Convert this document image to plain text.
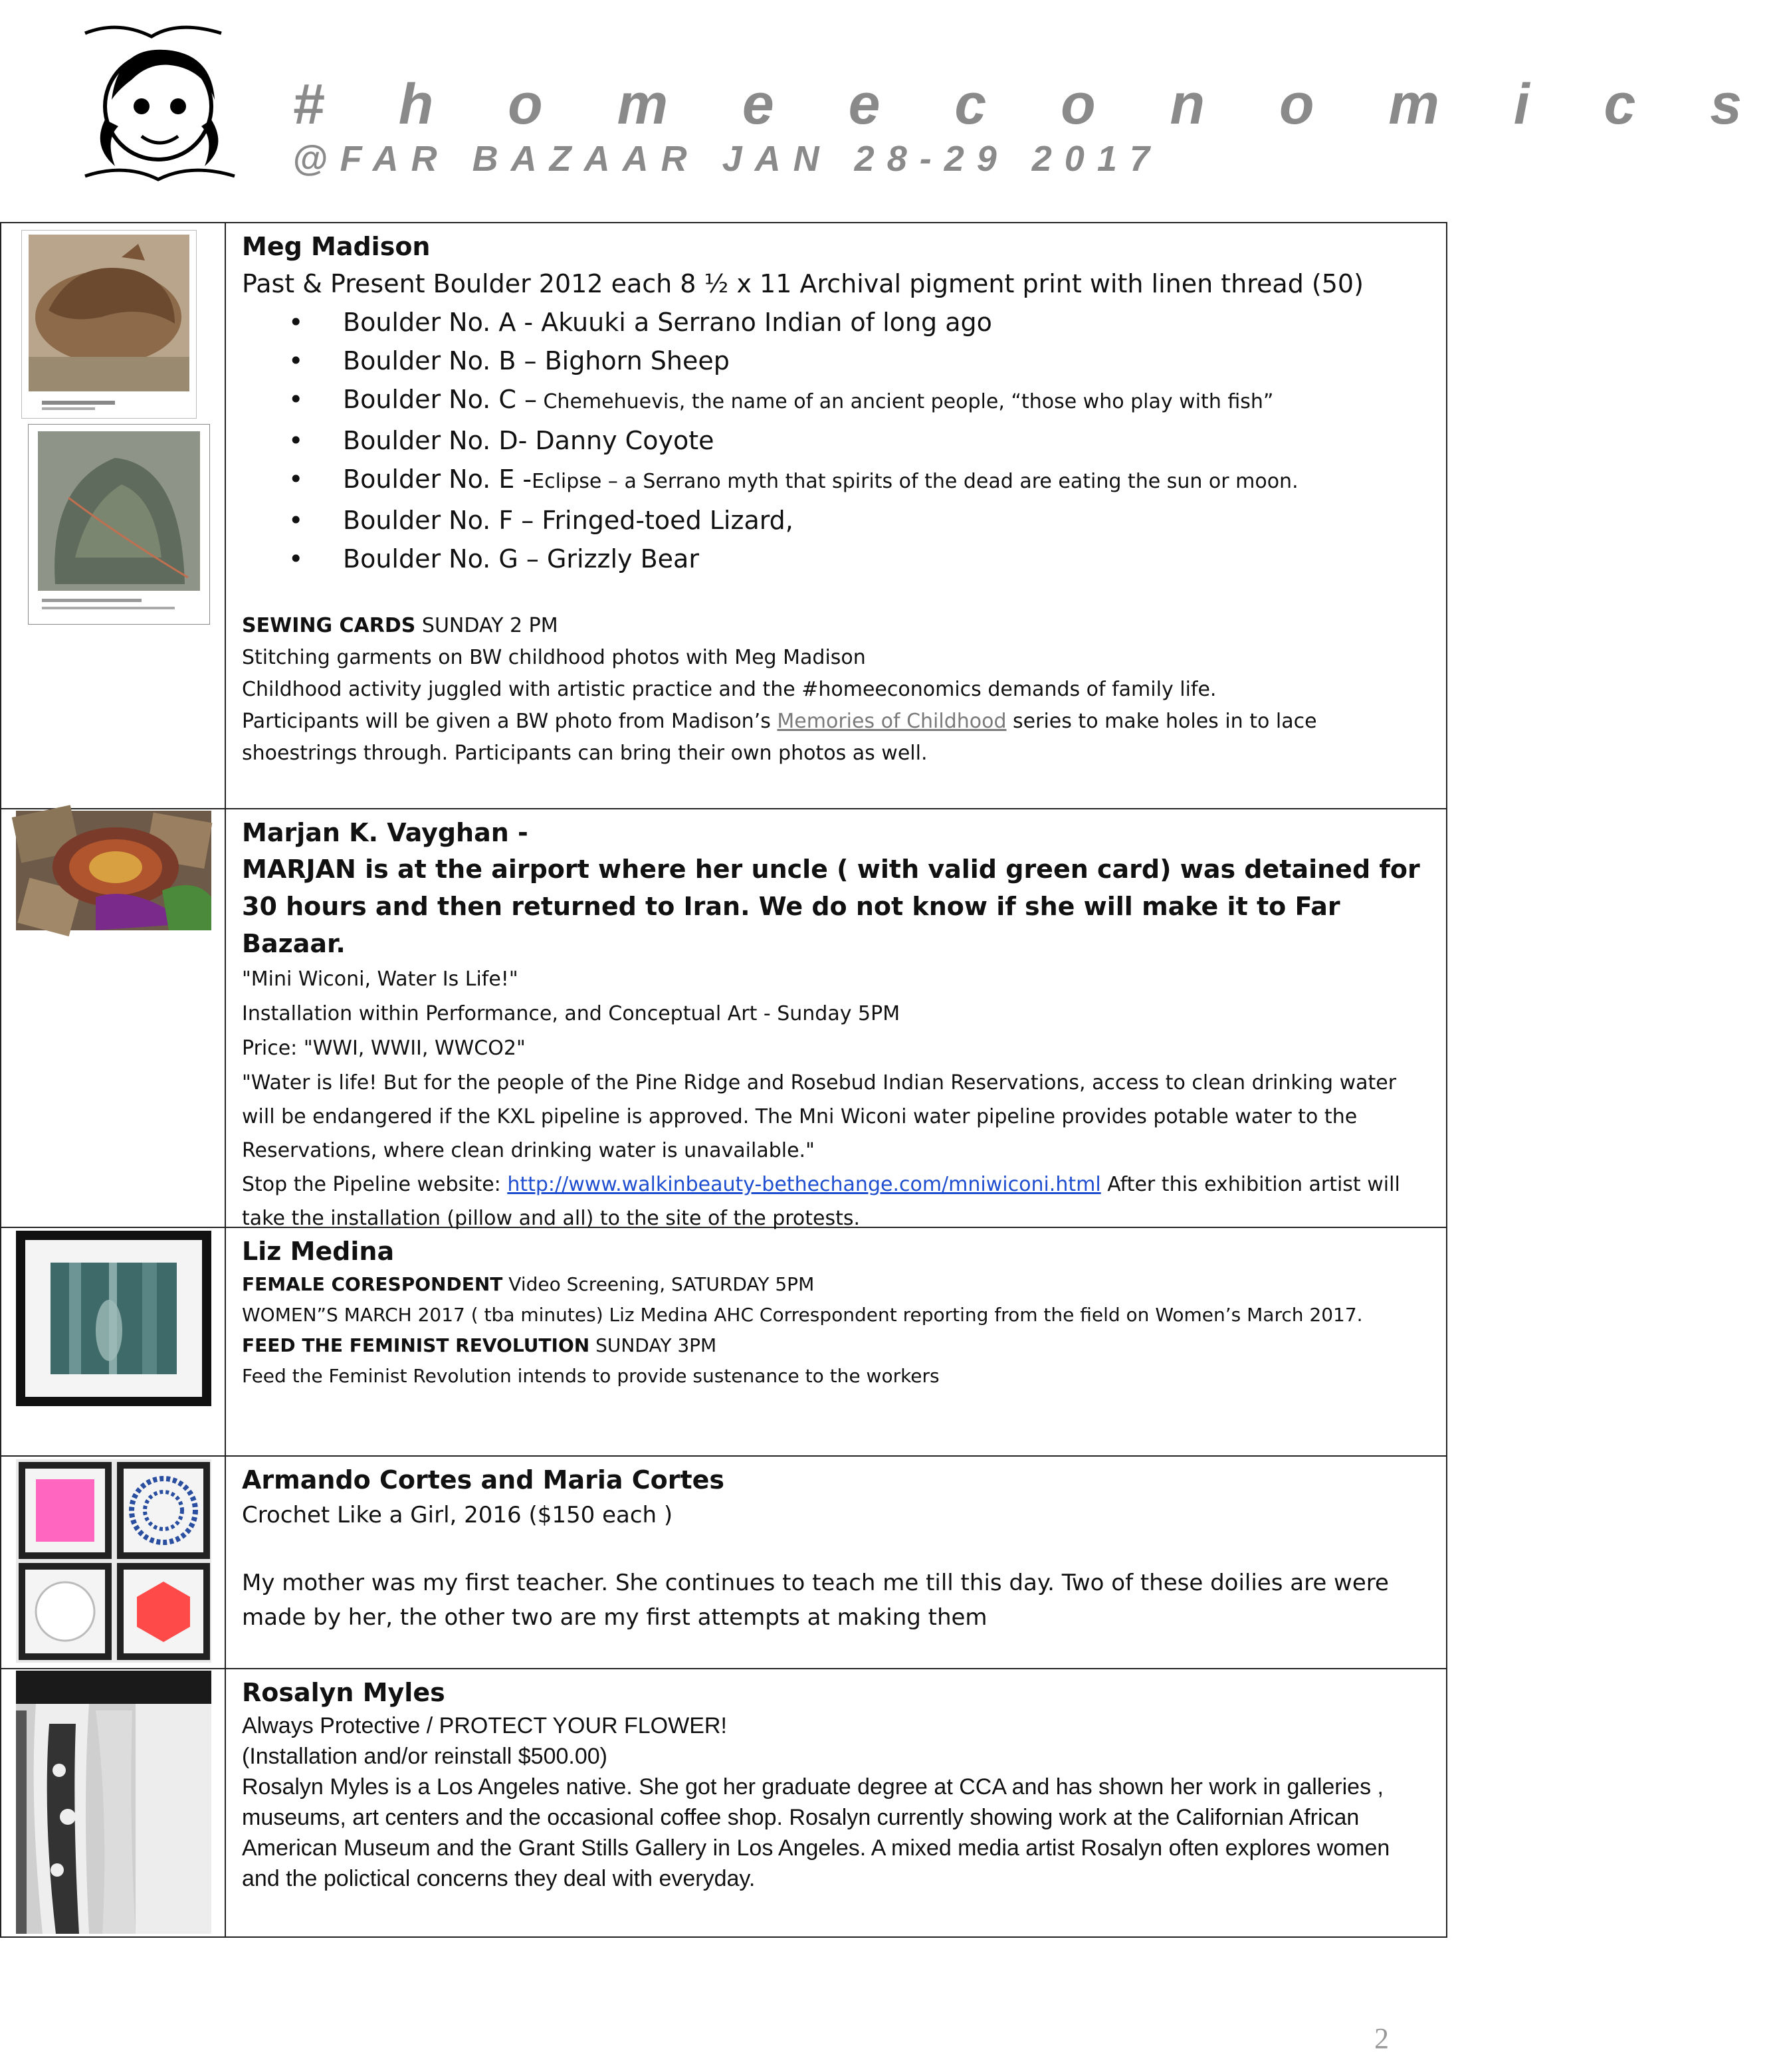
# h o m e e c o n o m i c s
@FAR BAZAAR JAN 28-29 2017
Meg Madison
Past & Present Boulder 2012 each 8 ½ x 11 Archival pigment print with linen thread (50)
• Boulder No. A - Akuuki a Serrano Indian of long ago
• Boulder No. B – Bighorn Sheep
• Boulder No. C – Chemehuevis, the name of an ancient people, “those who play with fish”
• Boulder No. D- Danny Coyote
• Boulder No. E -Eclipse – a Serrano myth that spirits of the dead are eating the sun or moon.
• Boulder No. F – Fringed-toed Lizard,
• Boulder No. G – Grizzly Bear
SEWING CARDS SUNDAY 2 PM
Stitching garments on BW childhood photos with Meg Madison
Childhood activity juggled with artistic practice and the #homeeconomics demands of family life.
Participants will be given a BW photo from Madison’s Memories of Childhood series to make holes in to lace shoestrings through. Participants can bring their own photos as well.
Marjan K. Vayghan -
MARJAN is at the airport where her uncle ( with valid green card) was detained for 30 hours and then returned to Iran. We do not know if she will make it to Far Bazaar.
"Mini Wiconi, Water Is Life!"
Installation within Performance, and Conceptual Art - Sunday 5PM
Price: "WWI, WWII, WWCO2"
"Water is life! But for the people of the Pine Ridge and Rosebud Indian Reservations, access to clean drinking water will be endangered if the KXL pipeline is approved. The Mni Wiconi water pipeline provides potable water to the Reservations, where clean drinking water is unavailable."
Stop the Pipeline website: http://www.walkinbeauty-bethechange.com/mniwiconi.html After this exhibition artist will take the installation (pillow and all) to the site of the protests.
Liz Medina
FEMALE CORESPONDENT Video Screening, SATURDAY 5PM
WOMEN”S MARCH 2017 ( tba minutes) Liz Medina AHC Correspondent reporting from the field on Women’s March 2017.
FEED THE FEMINIST REVOLUTION SUNDAY 3PM
Feed the Feminist Revolution intends to provide sustenance to the workers
Armando Cortes and Maria Cortes
Crochet Like a Girl, 2016 ($150 each )
My mother was my first teacher. She continues to teach me till this day. Two of these doilies are were made by her, the other two are my first attempts at making them
Rosalyn Myles
Always Protective / PROTECT YOUR FLOWER!
(Installation and/or reinstall $500.00)
Rosalyn Myles is a Los Angeles native. She got her graduate degree at CCA and has shown her work in galleries , museums, art centers and the occasional coffee shop. Rosalyn currently showing work at the Californian African American Museum and the Grant Stills Gallery in Los Angeles. A mixed media artist Rosalyn often explores women and the polictical concerns they deal with everyday.
2
